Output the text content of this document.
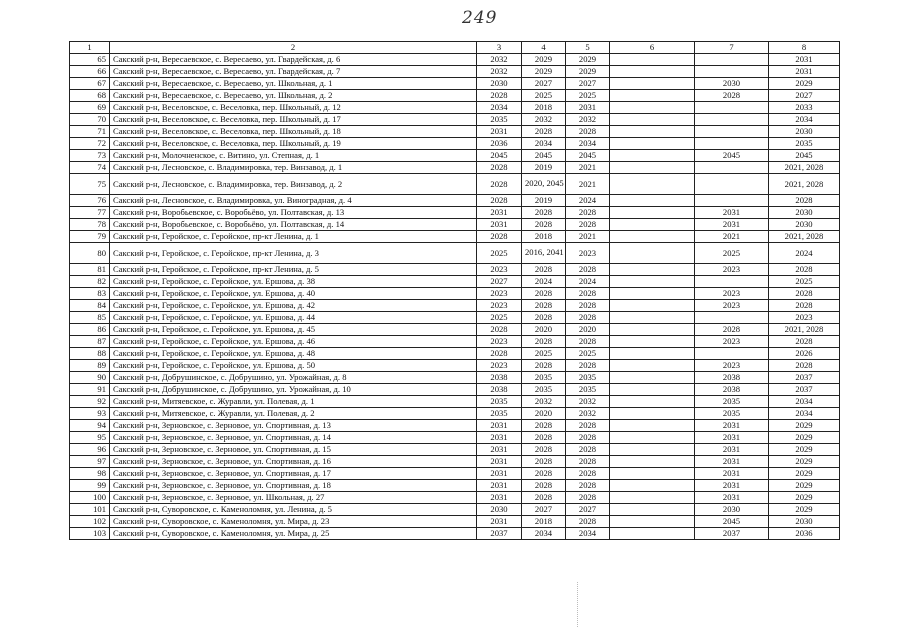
249
1	2	3	4	5	6	7	8
65	Сакский р-н, Вересаевское, с. Вересаево, ул. Гвардейская, д. 6	2032	2029	2029			2031
66	Сакский р-н, Вересаевское, с. Вересаево, ул. Гвардейская, д. 7	2032	2029	2029			2031
67	Сакский р-н, Вересаевское, с. Вересаево, ул. Школьная, д. 1	2030	2027	2027		2030	2029
68	Сакский р-н, Вересаевское, с. Вересаево, ул. Школьная, д. 2	2028	2025	2025		2028	2027
69	Сакский р-н, Веселовское, с. Веселовка, пер. Школьный, д. 12	2034	2018	2031			2033
70	Сакский р-н, Веселовское, с. Веселовка, пер. Школьный, д. 17	2035	2032	2032			2034
71	Сакский р-н, Веселовское, с. Веселовка, пер. Школьный, д. 18	2031	2028	2028			2030
72	Сакский р-н, Веселовское, с. Веселовка, пер. Школьный, д. 19	2036	2034	2034			2035
73	Сакский р-н, Молочненское, с. Витино, ул. Степная, д. 1	2045	2045	2045		2045	2045
74	Сакский р-н, Лесновское, с. Владимировка, тер. Винзавод, д. 1	2028	2019	2021			2021, 2028
75	Сакский р-н, Лесновское, с. Владимировка, тер. Винзавод, д. 2	2028	2020, 2045	2021			2021, 2028
76	Сакский р-н, Лесновское, с. Владимировка, ул. Виноградная, д. 4	2028	2019	2024			2028
77	Сакский р-н, Воробьевское, с. Воробьёво, ул. Полтавская, д. 13	2031	2028	2028		2031	2030
78	Сакский р-н, Воробьевское, с. Воробьёво, ул. Полтавская, д. 14	2031	2028	2028		2031	2030
79	Сакский р-н, Геройское, с. Геройское, пр-кт Ленина, д. 1	2028	2018	2021		2021	2021, 2028
80	Сакский р-н, Геройское, с. Геройское, пр-кт Ленина, д. 3	2025	2016, 2041	2023		2025	2024
81	Сакский р-н, Геройское, с. Геройское, пр-кт Ленина, д. 5	2023	2028	2028		2023	2028
82	Сакский р-н, Геройское, с. Геройское, ул. Ершова, д. 38	2027	2024	2024			2025
83	Сакский р-н, Геройское, с. Геройское, ул. Ершова, д. 40	2023	2028	2028		2023	2028
84	Сакский р-н, Геройское, с. Геройское, ул. Ершова, д. 42	2023	2028	2028		2023	2028
85	Сакский р-н, Геройское, с. Геройское, ул. Ершова, д. 44	2025	2028	2028			2023
86	Сакский р-н, Геройское, с. Геройское, ул. Ершова, д. 45	2028	2020	2020		2028	2021, 2028
87	Сакский р-н, Геройское, с. Геройское, ул. Ершова, д. 46	2023	2028	2028		2023	2028
88	Сакский р-н, Геройское, с. Геройское, ул. Ершова, д. 48	2028	2025	2025			2026
89	Сакский р-н, Геройское, с. Геройское, ул. Ершова, д. 50	2023	2028	2028		2023	2028
90	Сакский р-н, Добрушинское, с. Добрушино, ул. Урожайная, д. 8	2038	2035	2035		2038	2037
91	Сакский р-н, Добрушинское, с. Добрушино, ул. Урожайная, д. 10	2038	2035	2035		2038	2037
92	Сакский р-н, Митяевское, с. Журавли, ул. Полевая, д. 1	2035	2032	2032		2035	2034
93	Сакский р-н, Митяевское, с. Журавли, ул. Полевая, д. 2	2035	2020	2032		2035	2034
94	Сакский р-н, Зерновское, с. Зерновое, ул. Спортивная, д. 13	2031	2028	2028		2031	2029
95	Сакский р-н, Зерновское, с. Зерновое, ул. Спортивная, д. 14	2031	2028	2028		2031	2029
96	Сакский р-н, Зерновское, с. Зерновое, ул. Спортивная, д. 15	2031	2028	2028		2031	2029
97	Сакский р-н, Зерновское, с. Зерновое, ул. Спортивная, д. 16	2031	2028	2028		2031	2029
98	Сакский р-н, Зерновское, с. Зерновое, ул. Спортивная, д. 17	2031	2028	2028		2031	2029
99	Сакский р-н, Зерновское, с. Зерновое, ул. Спортивная, д. 18	2031	2028	2028		2031	2029
100	Сакский р-н, Зерновское, с. Зерновое, ул. Школьная, д. 27	2031	2028	2028		2031	2029
101	Сакский р-н, Суворовское, с. Каменоломня, ул. Ленина, д. 5	2030	2027	2027		2030	2029
102	Сакский р-н, Суворовское, с. Каменоломня, ул. Мира, д. 23	2031	2018	2028		2045	2030
103	Сакский р-н, Суворовское, с. Каменоломня, ул. Мира, д. 25	2037	2034	2034		2037	2036
